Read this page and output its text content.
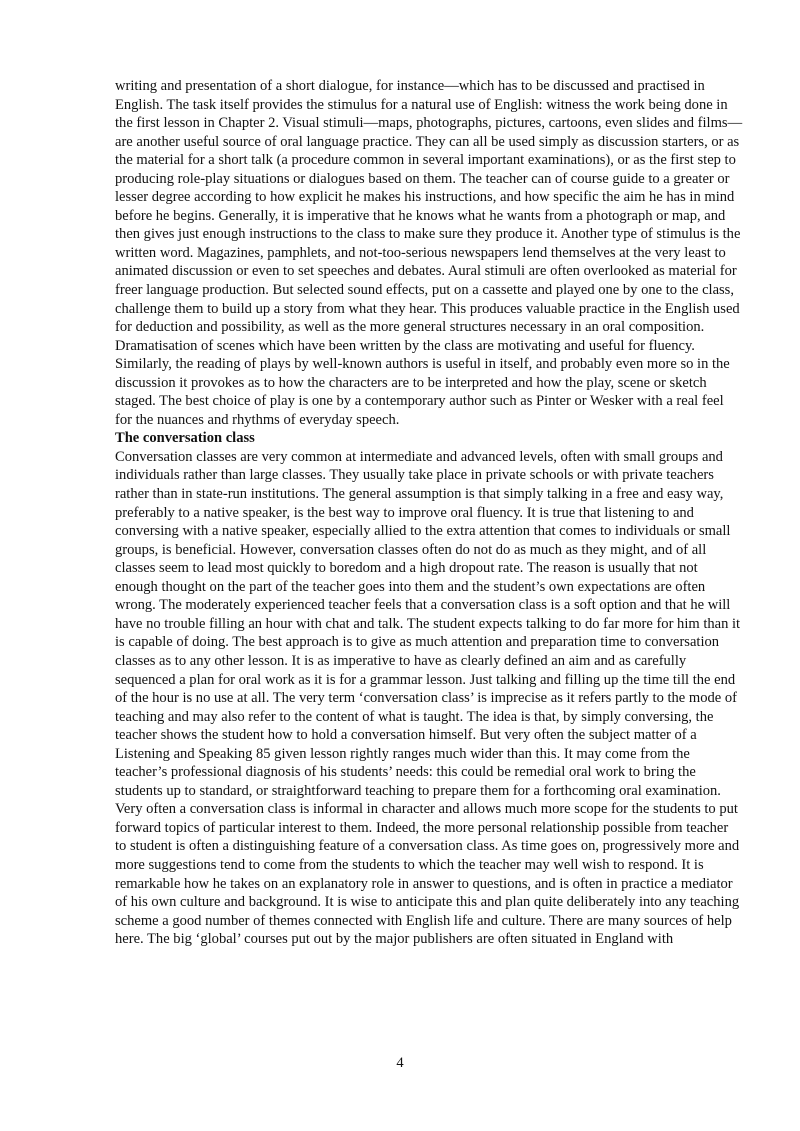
writing and presentation of a short dialogue, for instance—which has to be discussed and practised in English. The task itself provides the stimulus for a natural use of English: witness the work being done in the first lesson in Chapter 2. Visual stimuli—maps, photographs, pictures, cartoons, even slides and films—are another useful source of oral language practice. They can all be used simply as discussion starters, or as the material for a short talk (a procedure common in several important examinations), or as the first step to producing role-play situations or dialogues based on them. The teacher can of course guide to a greater or lesser degree according to how explicit he makes his instructions, and how specific the aim he has in mind before he begins. Generally, it is imperative that he knows what he wants from a photograph or map, and then gives just enough instructions to the class to make sure they produce it. Another type of stimulus is the written word. Magazines, pamphlets, and not-too-serious newspapers lend themselves at the very least to animated discussion or even to set speeches and debates. Aural stimuli are often overlooked as material for freer language production. But selected sound effects, put on a cassette and played one by one to the class, challenge them to build up a story from what they hear. This produces valuable practice in the English used for deduction and possibility, as well as the more general structures necessary in an oral composition. Dramatisation of scenes which have been written by the class are motivating and useful for fluency. Similarly, the reading of plays by well-known authors is useful in itself, and probably even more so in the discussion it provokes as to how the characters are to be interpreted and how the play, scene or sketch staged. The best choice of play is one by a contemporary author such as Pinter or Wesker with a real feel for the nuances and rhythms of everyday speech.

The conversation class

Conversation classes are very common at intermediate and advanced levels, often with small groups and individuals rather than large classes. They usually take place in private schools or with private teachers rather than in state-run institutions. The general assumption is that simply talking in a free and easy way, preferably to a native speaker, is the best way to improve oral fluency. It is true that listening to and conversing with a native speaker, especially allied to the extra attention that comes to individuals or small groups, is beneficial. However, conversation classes often do not do as much as they might, and of all classes seem to lead most quickly to boredom and a high dropout rate. The reason is usually that not enough thought on the part of the teacher goes into them and the student’s own expectations are often wrong. The moderately experienced teacher feels that a conversation class is a soft option and that he will have no trouble filling an hour with chat and talk. The student expects talking to do far more for him than it is capable of doing. The best approach is to give as much attention and preparation time to conversation classes as to any other lesson. It is as imperative to have as clearly defined an aim and as carefully sequenced a plan for oral work as it is for a grammar lesson. Just talking and filling up the time till the end of the hour is no use at all. The very term ‘conversation class’ is imprecise as it refers partly to the mode of teaching and may also refer to the content of what is taught. The idea is that, by simply conversing, the teacher shows the student how to hold a conversation himself. But very often the subject matter of a Listening and Speaking 85 given lesson rightly ranges much wider than this. It may come from the teacher’s professional diagnosis of his students’ needs: this could be remedial oral work to bring the students up to standard, or straightforward teaching to prepare them for a forthcoming oral examination. Very often a conversation class is informal in character and allows much more scope for the students to put forward topics of particular interest to them. Indeed, the more personal relationship possible from teacher to student is often a distinguishing feature of a conversation class. As time goes on, progressively more and more suggestions tend to come from the students to which the teacher may well wish to respond. It is remarkable how he takes on an explanatory role in answer to questions, and is often in practice a mediator of his own culture and background. It is wise to anticipate this and plan quite deliberately into any teaching scheme a good number of themes connected with English life and culture. There are many sources of help here. The big ‘global’ courses put out by the major publishers are often situated in England with

4
